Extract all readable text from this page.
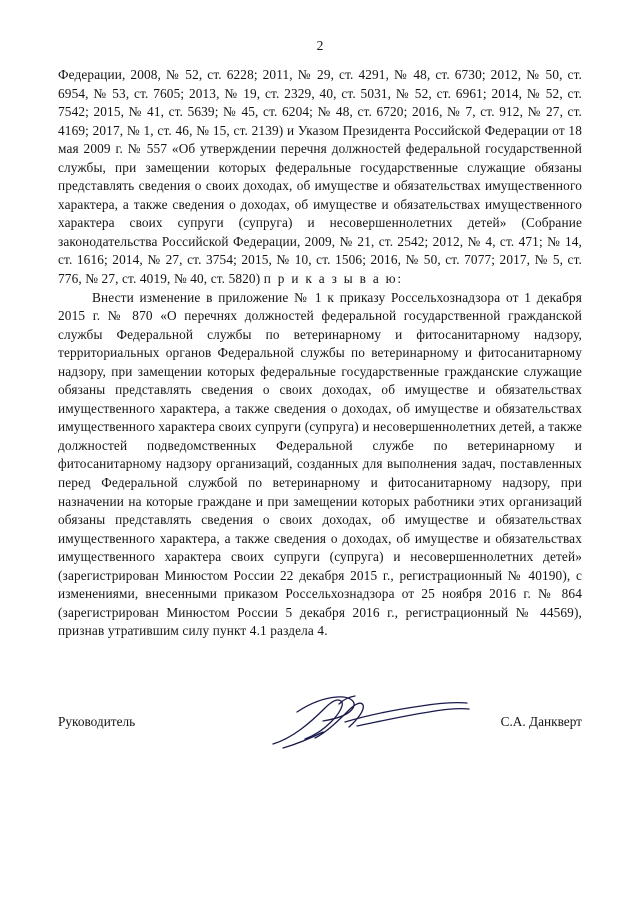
2

Федерации, 2008, № 52, ст. 6228; 2011, № 29, ст. 4291, № 48, ст. 6730; 2012, № 50, ст. 6954, № 53, ст. 7605; 2013, № 19, ст. 2329, 40, ст. 5031, № 52, ст. 6961; 2014, № 52, ст. 7542; 2015, № 41, ст. 5639; № 45, ст. 6204; № 48, ст. 6720; 2016, № 7, ст. 912, № 27, ст. 4169; 2017, № 1, ст. 46, № 15, ст. 2139) и Указом Президента Российской Федерации от 18 мая 2009 г. № 557 «Об утверждении перечня должностей федеральной государственной службы, при замещении которых федеральные государственные служащие обязаны представлять сведения о своих доходах, об имуществе и обязательствах имущественного характера, а также сведения о доходах, об имуществе и обязательствах имущественного характера своих супруги (супруга) и несовершеннолетних детей» (Собрание законодательства Российской Федерации, 2009, № 21, ст. 2542; 2012, № 4, ст. 471; № 14, ст. 1616; 2014, № 27, ст. 3754; 2015, № 10, ст. 1506; 2016, № 50, ст. 7077; 2017, № 5, ст. 776, № 27, ст. 4019, № 40, ст. 5820) п р и к а з ы в а ю:

Внести изменение в приложение № 1 к приказу Россельхознадзора от 1 декабря 2015 г. № 870 «О перечнях должностей федеральной государственной гражданской службы Федеральной службы по ветеринарному и фитосанитарному надзору, территориальных органов Федеральной службы по ветеринарному и фитосанитарному надзору, при замещении которых федеральные государственные гражданские служащие обязаны представлять сведения о своих доходах, об имуществе и обязательствах имущественного характера, а также сведения о доходах, об имуществе и обязательствах имущественного характера своих супруги (супруга) и несовершеннолетних детей, а также должностей подведомственных Федеральной службе по ветеринарному и фитосанитарному надзору организаций, созданных для выполнения задач, поставленных перед Федеральной службой по ветеринарному и фитосанитарному надзору, при назначении на которые граждане и при замещении которых работники этих организаций обязаны представлять сведения о своих доходах, об имуществе и обязательствах имущественного характера, а также сведения о доходах, об имуществе и обязательствах имущественного характера своих супруги (супруга) и несовершеннолетних детей» (зарегистрирован Минюстом России 22 декабря 2015 г., регистрационный № 40190), с изменениями, внесенными приказом Россельхознадзора от 25 ноября 2016 г. № 864 (зарегистрирован Минюстом России 5 декабря 2016 г., регистрационный № 44569), признав утратившим силу пункт 4.1 раздела 4.

Руководитель	С.А. Данкверт
